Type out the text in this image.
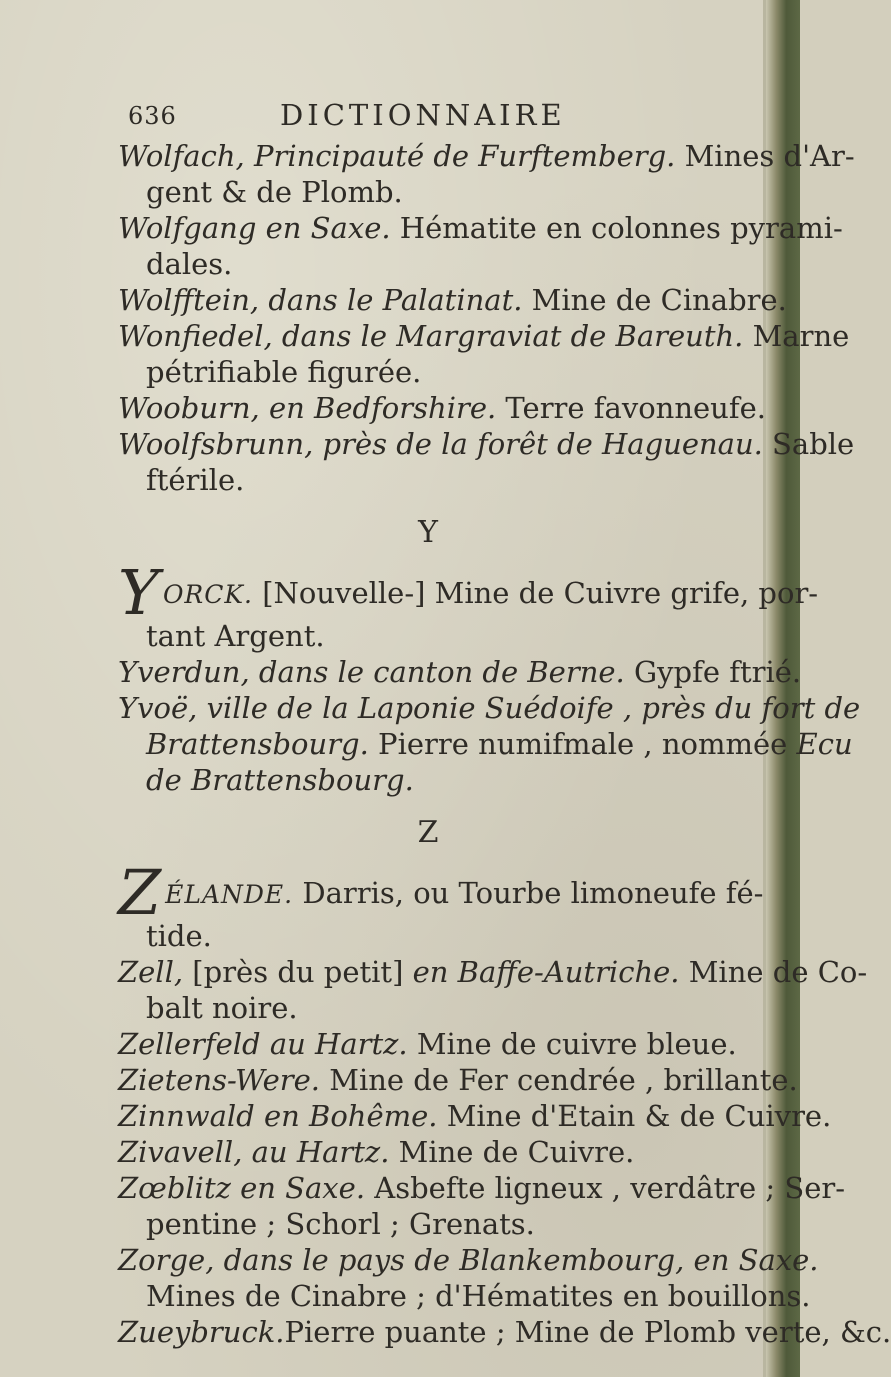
636	DICTIONNAIRE
Wolfach, Principauté de Furftemberg. Mines d'Ar-
gent & de Plomb.
Wolfgang en Saxe. Hématite en colonnes pyrami-
dales.
Wolfftein, dans le Palatinat. Mine de Cinabre.
Wonfiedel, dans le Margraviat de Bareuth. Marne
pétrifiable figurée.
Wooburn, en Bedforshire. Terre favonneufe.
Woolfsbrunn, près de la forêt de Haguenau. Sable
ftérile.
Y
YORCK. [Nouvelle-] Mine de Cuivre grife, por-
tant Argent.
Yverdun, dans le canton de Berne. Gypfe ftrié.
Yvoë, ville de la Laponie Suédoife , près du fort de
Brattensbourg. Pierre numifmale , nommée Ecu
de Brattensbourg.
Z
ZÉLANDE. Darris, ou Tourbe limoneufe fé-
tide.
Zell, [près du petit] en Baffe-Autriche. Mine de Co-
balt noire.
Zellerfeld au Hartz. Mine de cuivre bleue.
Zietens-Were. Mine de Fer cendrée , brillante.
Zinnwald en Bohême. Mine d'Etain & de Cuivre.
Zivavell, au Hartz. Mine de Cuivre.
Zœblitz en Saxe. Asbefte ligneux , verdâtre ; Ser-
pentine ; Schorl ; Grenats.
Zorge, dans le pays de Blankembourg, en Saxe.
Mines de Cinabre ; d'Hématites en bouillons.
Zueybruck.Pierre puante ; Mine de Plomb verte, &c.
